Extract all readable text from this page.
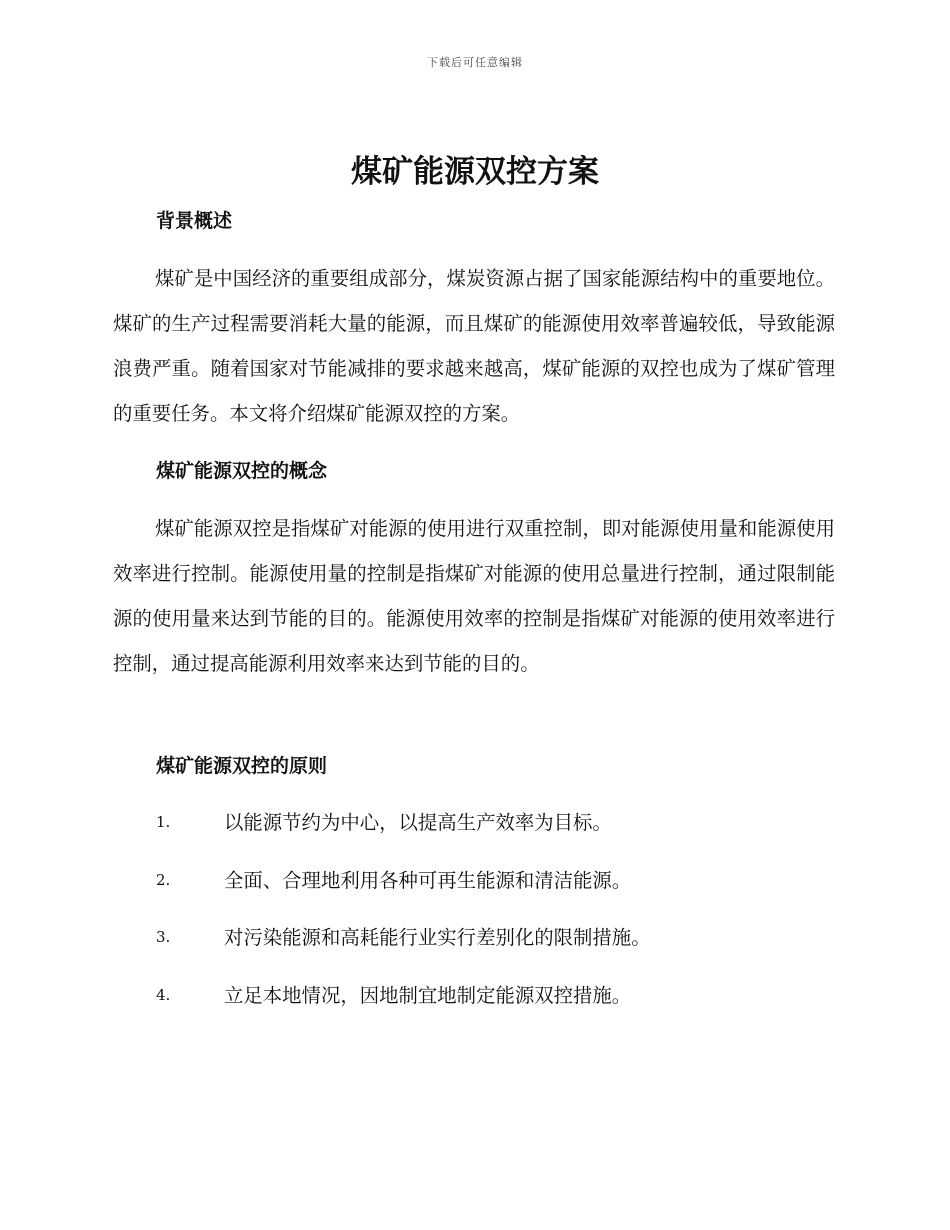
下载后可任意编辑
煤矿能源双控方案
背景概述

煤矿是中国经济的重要组成部分，煤炭资源占据了国家能源结构中的重要地位。煤矿的生产过程需要消耗大量的能源，而且煤矿的能源使用效率普遍较低，导致能源浪费严重。随着国家对节能减排的要求越来越高，煤矿能源的双控也成为了煤矿管理的重要任务。本文将介绍煤矿能源双控的方案。

煤矿能源双控的概念

煤矿能源双控是指煤矿对能源的使用进行双重控制，即对能源使用量和能源使用效率进行控制。能源使用量的控制是指煤矿对能源的使用总量进行控制，通过限制能源的使用量来达到节能的目的。能源使用效率的控制是指煤矿对能源的使用效率进行控制，通过提高能源利用效率来达到节能的目的。

煤矿能源双控的原则
1.	以能源节约为中心，以提高生产效率为目标。
2.	全面、合理地利用各种可再生能源和清洁能源。
3.	对污染能源和高耗能行业实行差别化的限制措施。
4.	立足本地情况，因地制宜地制定能源双控措施。
